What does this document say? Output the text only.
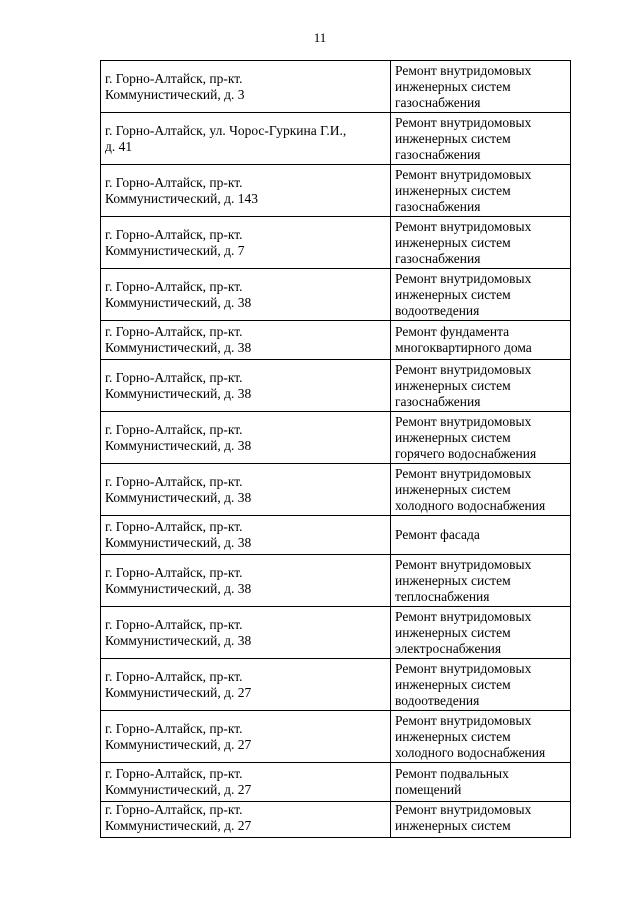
11
г. Горно-Алтайск, пр-кт.
Коммунистический, д. 3	Ремонт внутридомовых
инженерных систем
газоснабжения

г. Горно-Алтайск, ул. Чорос-Гуркина Г.И.,
д. 41	Ремонт внутридомовых
инженерных систем
газоснабжения

г. Горно-Алтайск, пр-кт.
Коммунистический, д. 143	Ремонт внутридомовых
инженерных систем
газоснабжения

г. Горно-Алтайск, пр-кт.
Коммунистический, д. 7	Ремонт внутридомовых
инженерных систем
газоснабжения

г. Горно-Алтайск, пр-кт.
Коммунистический, д. 38	Ремонт внутридомовых
инженерных систем
водоотведения

г. Горно-Алтайск, пр-кт.
Коммунистический, д. 38	Ремонт фундамента
многоквартирного дома

г. Горно-Алтайск, пр-кт.
Коммунистический, д. 38	Ремонт внутридомовых
инженерных систем
газоснабжения

г. Горно-Алтайск, пр-кт.
Коммунистический, д. 38	Ремонт внутридомовых
инженерных систем
горячего водоснабжения

г. Горно-Алтайск, пр-кт.
Коммунистический, д. 38	Ремонт внутридомовых
инженерных систем
холодного водоснабжения

г. Горно-Алтайск, пр-кт.
Коммунистический, д. 38	Ремонт фасада

г. Горно-Алтайск, пр-кт.
Коммунистический, д. 38	Ремонт внутридомовых
инженерных систем
теплоснабжения

г. Горно-Алтайск, пр-кт.
Коммунистический, д. 38	Ремонт внутридомовых
инженерных систем
электроснабжения

г. Горно-Алтайск, пр-кт.
Коммунистический, д. 27	Ремонт внутридомовых
инженерных систем
водоотведения

г. Горно-Алтайск, пр-кт.
Коммунистический, д. 27	Ремонт внутридомовых
инженерных систем
холодного водоснабжения

г. Горно-Алтайск, пр-кт.
Коммунистический, д. 27	Ремонт подвальных
помещений

г. Горно-Алтайск, пр-кт.
Коммунистический, д. 27	Ремонт внутридомовых
инженерных систем
